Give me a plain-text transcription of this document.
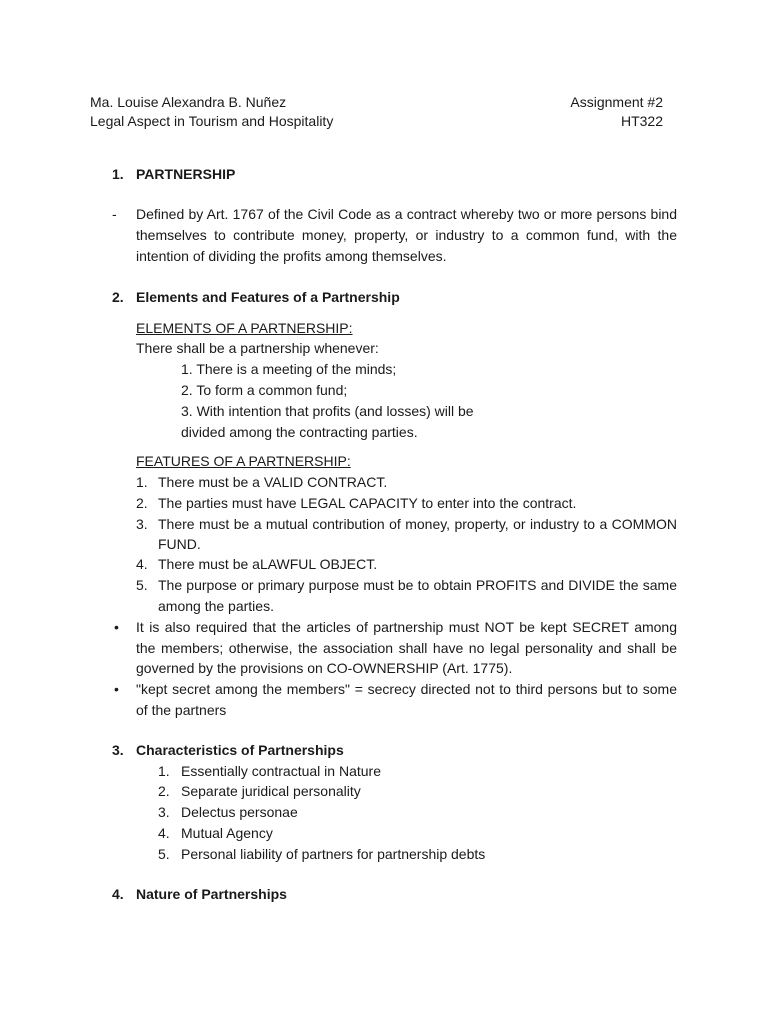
Ma. Louise Alexandra B. Nuñez
Legal Aspect in Tourism and Hospitality
Assignment #2
HT322
1. PARTNERSHIP
- Defined by Art. 1767 of the Civil Code as a contract whereby two or more persons bind themselves to contribute money, property, or industry to a common fund, with the intention of dividing the profits among themselves.
2. Elements and Features of a Partnership
ELEMENTS OF A PARTNERSHIP:
There shall be a partnership whenever:
1. There is a meeting of the minds;
2. To form a common fund;
3. With intention that profits (and losses) will be
divided among the contracting parties.
FEATURES OF A PARTNERSHIP:
1. There must be a VALID CONTRACT.
2. The parties must have LEGAL CAPACITY to enter into the contract.
3. There must be a mutual contribution of money, property, or industry to a COMMON FUND.
4. There must be aLAWFUL OBJECT.
5. The purpose or primary purpose must be to obtain PROFITS and DIVIDE the same among the parties.
• It is also required that the articles of partnership must NOT be kept SECRET among the members; otherwise, the association shall have no legal personality and shall be governed by the provisions on CO-OWNERSHIP (Art. 1775).
• "kept secret among the members" = secrecy directed not to third persons but to some of the partners
3. Characteristics of Partnerships
1. Essentially contractual in Nature
2. Separate juridical personality
3. Delectus personae
4. Mutual Agency
5. Personal liability of partners for partnership debts
4. Nature of Partnerships
